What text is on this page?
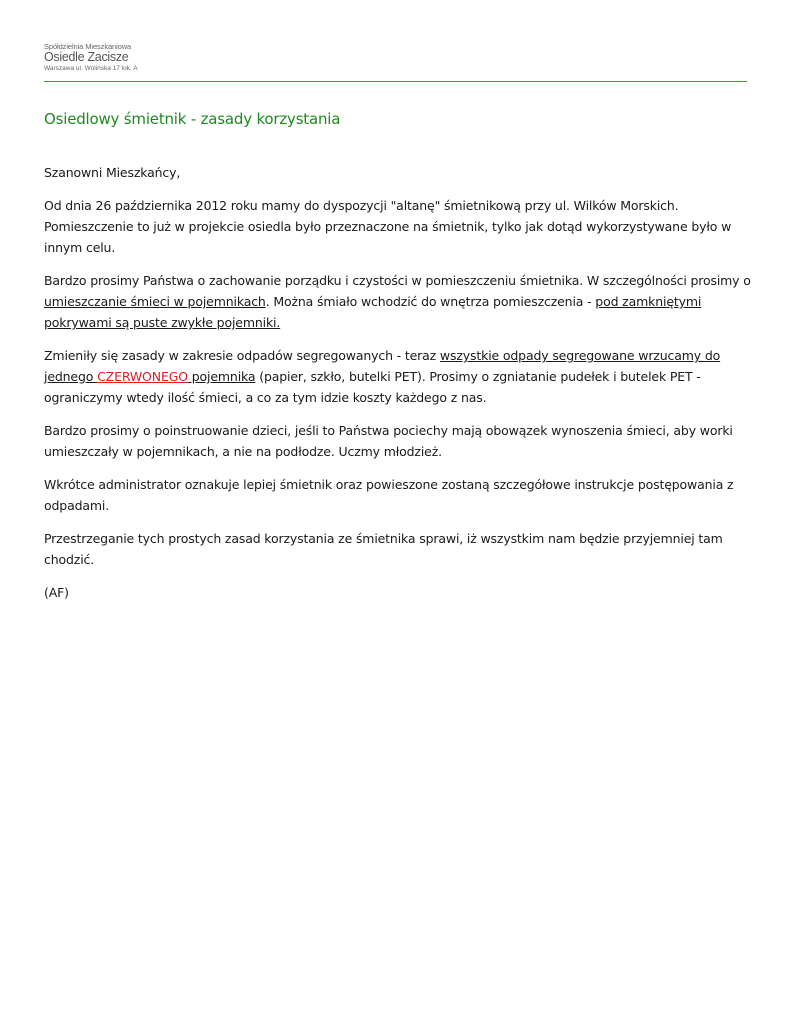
Spółdzielnia Mieszkaniowa
Osiedle Zacisze
Warszawa ul. Wolińska 17 lok. A
Osiedlowy śmietnik - zasady korzystania

Szanowni Mieszkańcy,

Od dnia 26 października 2012 roku mamy do dyspozycji "altanę" śmietnikową przy ul. Wilków Morskich. Pomieszczenie to już w projekcie osiedla było przeznaczone na śmietnik, tylko jak dotąd wykorzystywane było w innym celu.

Bardzo prosimy Państwa o zachowanie porządku i czystości w pomieszczeniu śmietnika. W szczególności prosimy o umieszczanie śmieci w pojemnikach. Można śmiało wchodzić do wnętrza pomieszczenia - pod zamkniętymi pokrywami są puste zwykłe pojemniki.

Zmieniły się zasady w zakresie odpadów segregowanych - teraz wszystkie odpady segregowane wrzucamy do jednego CZERWONEGO pojemnika (papier, szkło, butelki PET). Prosimy o zgniatanie pudełek i butelek PET - ograniczymy wtedy ilość śmieci, a co za tym idzie koszty każdego z nas.

Bardzo prosimy o poinstruowanie dzieci, jeśli to Państwa pociechy mają obowązek wynoszenia śmieci, aby worki umieszczały w pojemnikach, a nie na podłodze. Uczmy młodzież.

Wkrótce administrator oznakuje lepiej śmietnik oraz powieszone zostaną szczegółowe instrukcje postępowania z odpadami.

Przestrzeganie tych prostych zasad korzystania ze śmietnika sprawi, iż wszystkim nam będzie przyjemniej tam chodzić.

(AF)
